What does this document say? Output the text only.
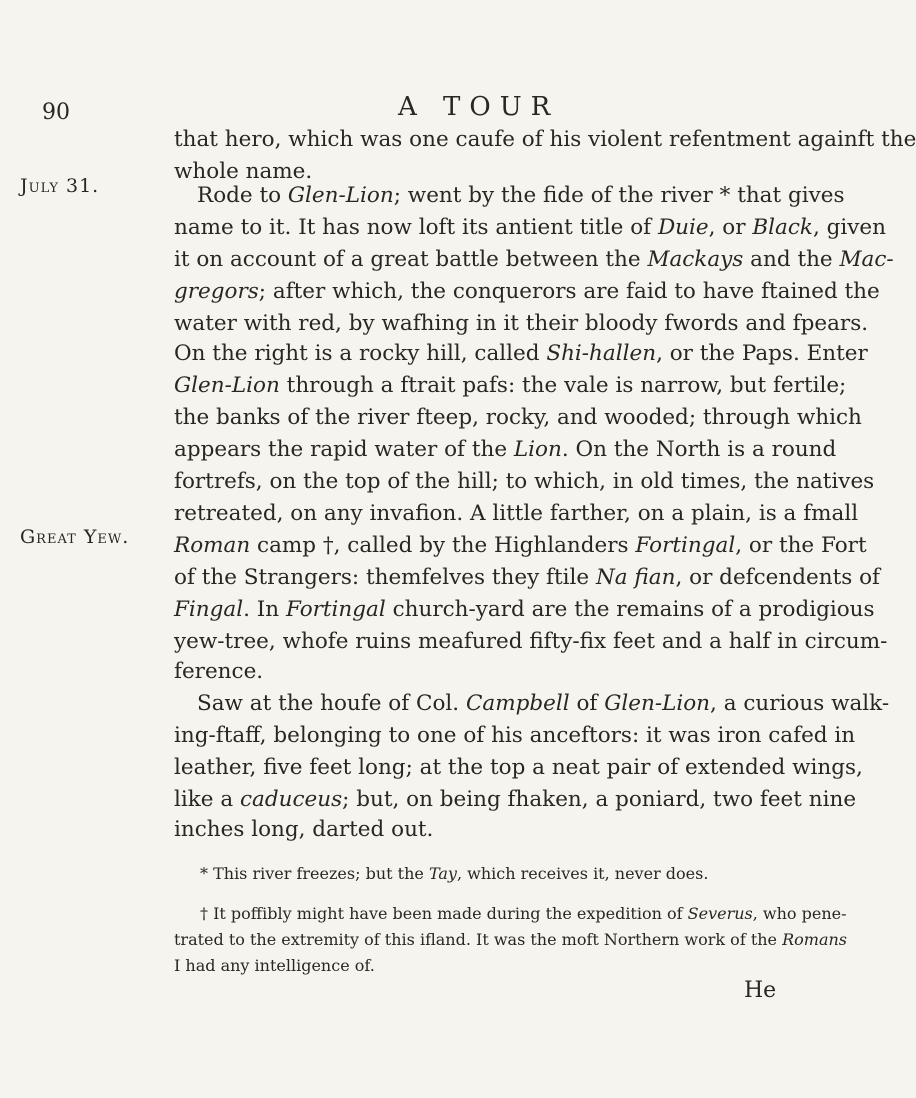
90	A TOUR
July 31.
Great Yew.
that hero, which was one caufe of his violent refentment againft the
whole name.
Rode to Glen-Lion; went by the fide of the river * that gives
name to it. It has now loft its antient title of Duie, or Black, given
it on account of a great battle between the Mackays and the Mac-
gregors; after which, the conquerors are faid to have ftained the
water with red, by wafhing in it their bloody fwords and fpears.
On the right is a rocky hill, called Shi-hallen, or the Paps. Enter
Glen-Lion through a ftrait pafs: the vale is narrow, but fertile;
the banks of the river fteep, rocky, and wooded; through which
appears the rapid water of the Lion. On the North is a round
fortrefs, on the top of the hill; to which, in old times, the natives
retreated, on any invafion. A little farther, on a plain, is a fmall
Roman camp †, called by the Highlanders Fortingal, or the Fort
of the Strangers: themfelves they ftile Na fian, or defcendents of
Fingal. In Fortingal church-yard are the remains of a prodigious
yew-tree, whofe ruins meafured fifty-fix feet and a half in circum-
ference.
Saw at the houfe of Col. Campbell of Glen-Lion, a curious walk-
ing-ftaff, belonging to one of his anceftors: it was iron cafed in
leather, five feet long; at the top a neat pair of extended wings,
like a caduceus; but, on being fhaken, a poniard, two feet nine
inches long, darted out.
* This river freezes; but the Tay, which receives it, never does.
† It poffibly might have been made during the expedition of Severus, who pene-
trated to the extremity of this ifland. It was the moft Northern work of the Romans
I had any intelligence of.
He
